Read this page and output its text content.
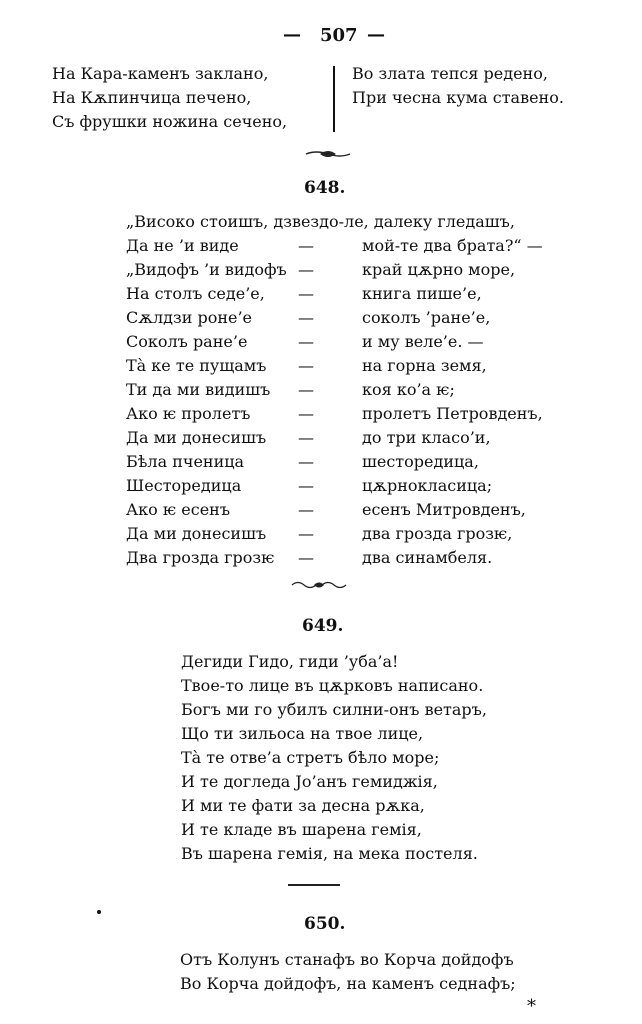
— 507 —
На Кара-каменъ заклано,
На Кѫпинчица печено,
Съ фрушки ножина сечено,
Во злата тепся редено,
При чесна кума ставено.
648.
„Високо стоишъ, дзвездо-ле, далеку гледашъ,
Да не ’и виде
„Видофъ ’и видофъ
На столъ седе’е,
Сѫлдзи роне’е
Соколъ ране’е
Тà ке те пущамъ
Ти да ми видишъ
Ако ѥ пролетъ
Да ми донесишъ
Бѣла пченица
Шесторедица
Ако ѥ есенъ
Да ми донесишъ
Два грозда грозѥ
—
—
—
—
—
—
—
—
—
—
—
—
—
—
мой-те два брата?“ —
край цѫрно море,
книга пише’е,
соколъ ’ране’е,
и му веле’е. —
на горна земя,
коя ко’а ѥ;
пролетъ Петровденъ,
до три класо’и,
шесторедица,
цѫрнокласица;
есенъ Митровденъ,
два грозда грозѥ,
два синамбеля.
649.
Дегиди Гидо, гиди ’уба’а!
Твое-то лице въ цѫрковъ написано.
Богъ ми го убилъ силни-онъ ветаръ,
Що ти зильоса на твое лице,
Тà те отве’а стретъ бѣло море;
И те догледа Јо’анъ гемиджія,
И ми те фати за десна рѫка,
И те кладе въ шарена гемія,
Въ шарена гемія, на мека постеля.
650.
Отъ Колунъ станафъ во Корча дойдофъ
Во Корча дойдофъ, на каменъ седнафъ;
*
